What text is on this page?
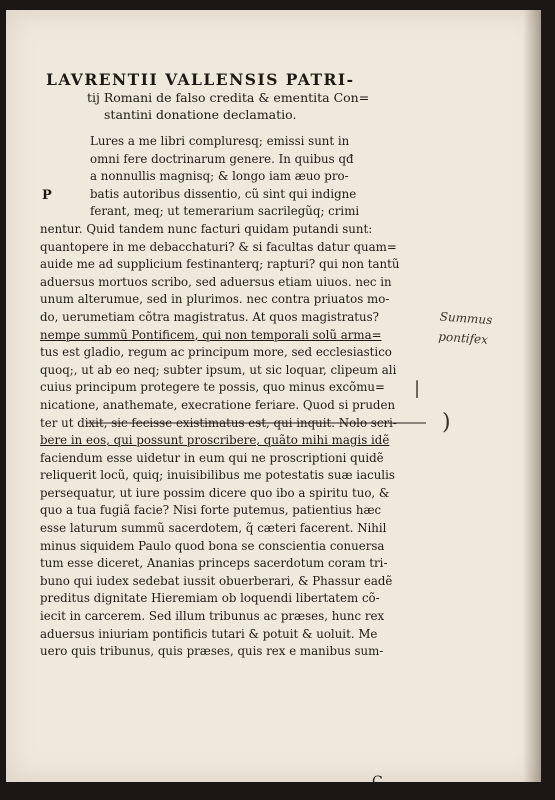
LAVRENTII VALLENSIS PATRI-
tij Romani de falso credita & ementita Con=
stantini donatione declamatio.
Lures a me libri compluresq; emissi sunt in
omni fere doctrinarum genere. In quibus qđ
a nonnullis magnisq; & longo iam æuo pro-
batis autoribus dissentio, cũ sint qui indigne
ferant, meq; ut temerarium sacrilegũq; crimi
nentur. Quid tandem nunc facturi quidam putandi sunt:
quantopere in me debacchaturi? & si facultas datur quam=
auide me ad supplicium festinanterq; rapturi? qui non tantũ
aduersus mortuos scribo, sed aduersus etiam uiuos. nec in
unum alterumue, sed in plurimos. nec contra priuatos mo-
do, uerumetiam cõtra magistratus. At quos magistratus?
nempe summũ Pontificem, qui non temporali solũ arma=
tus est gladio, regum ac principum more, sed ecclesiastico
quoq;, ut ab eo neq; subter ipsum, ut sic loquar, clipeum ali
cuius principum protegere te possis, quo minus excõmu=
nicatione, anathemate, execratione feriare. Quod si pruden
ter ut dixit, sic fecisse existimatus est, qui inquit. Nolo scri-
bere in eos, qui possunt proscribere, quãto mihi magis idẽ
faciendum esse uidetur in eum qui ne proscriptioni quidẽ
reliquerit locũ, quiq; inuisibilibus me potestatis suæ iaculis
persequatur, ut iure possim dicere quo ibo a spiritu tuo, &
quo a tua fugiã facie? Nisi forte putemus, patientius hæc
esse laturum summũ sacerdotem, q̃ cæteri facerent. Nihil
minus siquidem Paulo quod bona se conscientia conuersa
tum esse diceret, Ananias princeps sacerdotum coram tri-
buno qui iudex sedebat iussit obuerberari, & Phassur eadẽ
preditus dignitate Hieremiam ob loquendi libertatem cõ-
iecit in carcerem. Sed illum tribunus ac præses, hunc rex
aduersus iniuriam pontificis tutari & potuit & uoluit. Me
uero quis tribunus, quis præses, quis rex e manibus sum-
P
Summus pontifex
)
|
C
